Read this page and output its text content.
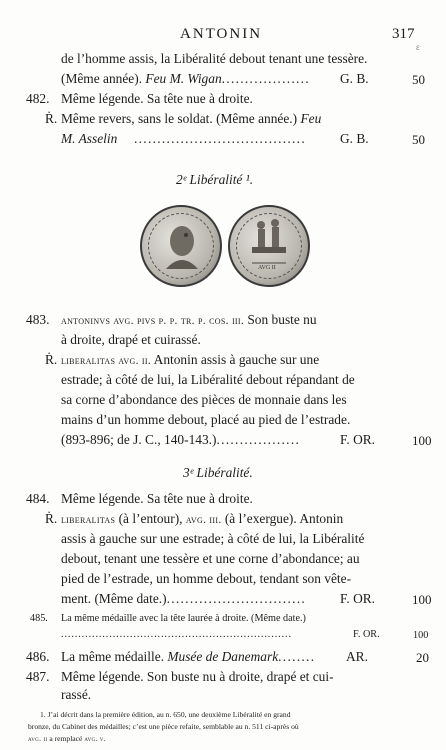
ANTONIN	317
ε
de l’homme assis, la Libéralité debout tenant une tessère.
(Même année). Feu M. Wigan................... G. B.	50
482. Même légende. Sa tête nue à droite.
Ṙ. Même revers, sans le soldat. (Même année.) Feu
M. Asselin .....................................	G. B.	50
2ᵉ Libéralité ¹.
AVG II
483. antoninvs avg. pivs p. p. tr. p. cos. iii. Son buste nu
à droite, drapé et cuirassé.
Ṙ. liberalitas avg. ii. Antonin assis à gauche sur une
estrade; à côté de lui, la Libéralité debout répandant de
sa corne d’abondance des pièces de monnaie dans les
mains d’un homme debout, placé au pied de l’estrade.
(893-896; de J. C., 140-143.)..................	F. OR.	100
3ᵉ Libéralité.
484. Même légende. Sa tête nue à droite.
Ṙ. liberalitas (à l’entour), avg. iii. (à l’exergue). Antonin
assis à gauche sur une estrade; à côté de lui, la Libéralité
debout, tenant une tessère et une corne d’abondance; au
pied de l’estrade, un homme debout, tendant son vête-
ment. (Même date.)..............................	F. OR.	100
485. La même médaille avec la tête laurée à droite. (Même date.)
...................................................................	F. OR.	100
486. La même médaille. Musée de Danemark........ AR.	20
487. Même légende. Son buste nu à droite, drapé et cui-
rassé.
1. J’ai décrit dans la première édition, au n. 650, une deuxième Libéralité en grand
bronze, du Cabinet des médailles; c’est une pièce refaite, semblable au n. 511 ci-après où
avg. ii a remplacé avg. v.
